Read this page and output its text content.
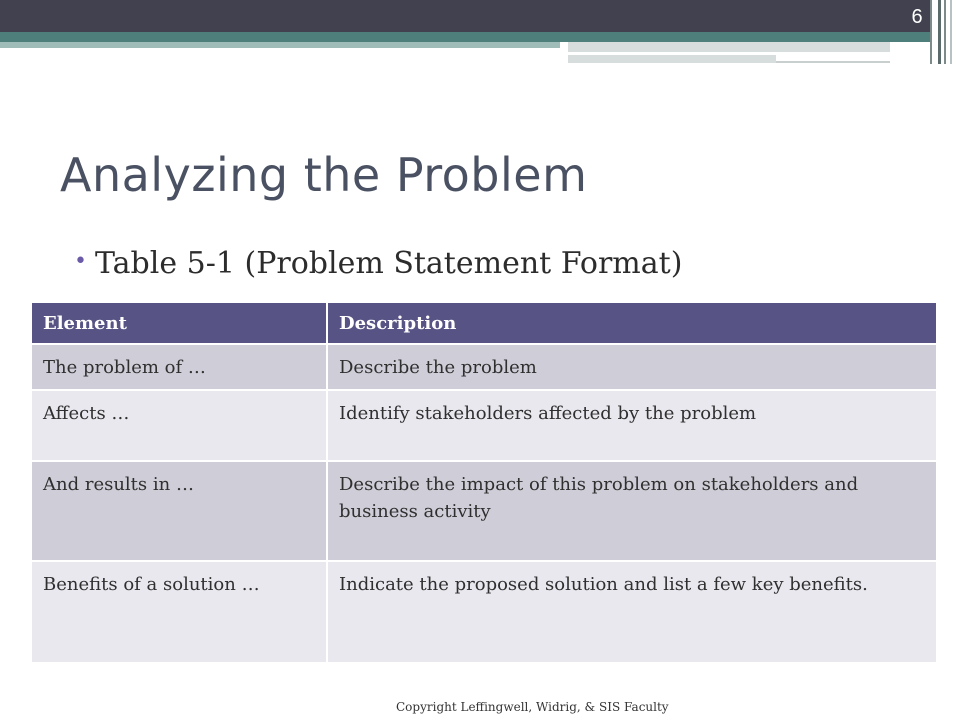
6
Analyzing the Problem
• Table 5-1 (Problem Statement Format)
Element	Description
The problem of …	Describe the problem
Affects …	Identify stakeholders affected by the problem
And results in …	Describe the impact of this problem on stakeholders and business activity
Benefits of a solution …	Indicate the proposed solution and list a few key benefits.
Copyright Leffingwell, Widrig, & SIS Faculty
